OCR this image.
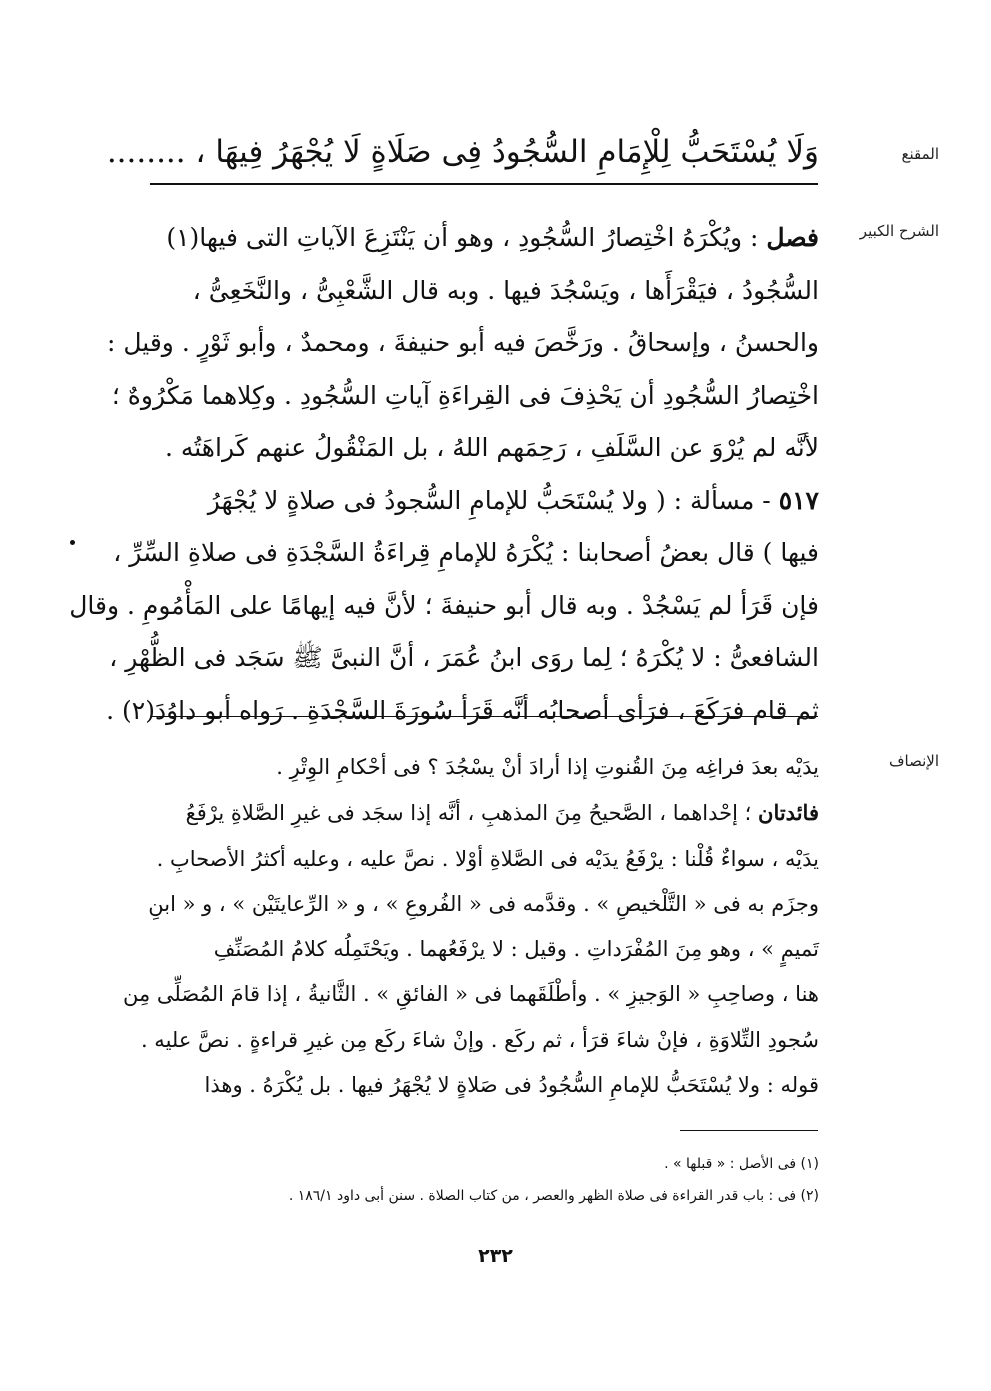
المقنع
وَلَا يُسْتَحَبُّ لِلْإِمَامِ السُّجُودُ فِى صَلَاةٍ لَا يُجْهَرُ فِيهَا ، ........
الشرح الكبير
فصل : ويُكْرَهُ اخْتِصارُ السُّجُودِ ، وهو أن يَنْتَزِعَ الآياتِ التى فيها(١)
السُّجُودُ ، فيَقْرَأَها ، ويَسْجُدَ فيها . وبه قال الشَّعْبِىُّ ، والنَّخَعِىُّ ،
والحسنُ ، وإسحاقُ . ورَخَّصَ فيه أبو حنيفةَ ، ومحمدٌ ، وأبو ثَوْرٍ . وقيل :
اخْتِصارُ السُّجُودِ أن يَحْذِفَ فى القِراءَةِ آياتِ السُّجُودِ . وكِلاهما مَكْرُوهٌ ؛
لأنَّه لم يُرْوَ عن السَّلَفِ ، رَحِمَهم اللهُ ، بل المَنْقُولُ عنهم كَراهَتُه .
٥١٧ - مسألة : ( ولا يُسْتَحَبُّ للإمامِ السُّجودُ فى صلاةٍ لا يُجْهَرُ
فيها ) قال بعضُ أصحابنا : يُكْرَهُ للإمامِ قِراءَةُ السَّجْدَةِ فى صلاةِ السِّرِّ ،
فإن قَرَأ لم يَسْجُدْ . وبه قال أبو حنيفةَ ؛ لأنَّ فيه إيهامًا على المَأْمُومِ . وقال
الشافعىُّ : لا يُكْرَهُ ؛ لِما روَى ابنُ عُمَرَ ، أنَّ النبىَّ ﷺ سَجَد فى الظُّهْرِ ،
ثم قام فرَكَعَ ، فرَأى أصحابُه أنَّه قَرَأ سُورَةَ السَّجْدَةِ . رَواه أبو داوُدَ(٢) .
الإنصاف
يدَيْه بعدَ فراغِه مِنَ القُنوتِ إذا أرادَ أنْ يسْجُدَ ؟ فى أحْكامِ الوِتْرِ .
فائدتان ؛ إحْداهما ، الصَّحيحُ مِنَ المذهبِ ، أنَّه إذا سجَد فى غيرِ الصَّلاةِ يرْفَعُ
يدَيْه ، سواءٌ قُلْنا : يرْفَعُ يدَيْه فى الصَّلاةِ أوْلا . نصَّ عليه ، وعليه أكثرُ الأصحابِ .
وجزَم به فى « التَّلْخيصِ » . وقدَّمه فى « الفُروعِ » ، و « الرِّعايتَيْن » ، و « ابنِ
تَميمٍ » ، وهو مِنَ المُفْرَداتِ . وقيل : لا يرْفَعُهما . ويَحْتَمِلُه كلامُ المُصَنِّفِ
هنا ، وصاحِبِ « الوَجيزِ » . وأطْلَقَهما فى « الفائقِ » . الثَّانيةُ ، إذا قامَ المُصَلِّى مِن
سُجودِ التِّلاوَةِ ، فإنْ شاءَ قرَأ ، ثم ركَع . وإنْ شاءَ ركَع مِن غيرِ قراءةٍ . نصَّ عليه .
قوله : ولا يُسْتَحَبُّ للإمامِ السُّجُودُ فى صَلاةٍ لا يُجْهَرُ فيها . بل يُكْرَهُ . وهذا
(١) فى الأصل : « قبلها » .
(٢) فى : باب قدر القراءة فى صلاة الظهر والعصر ، من كتاب الصلاة . سنن أبى داود ١٨٦/١ .
٢٣٢
